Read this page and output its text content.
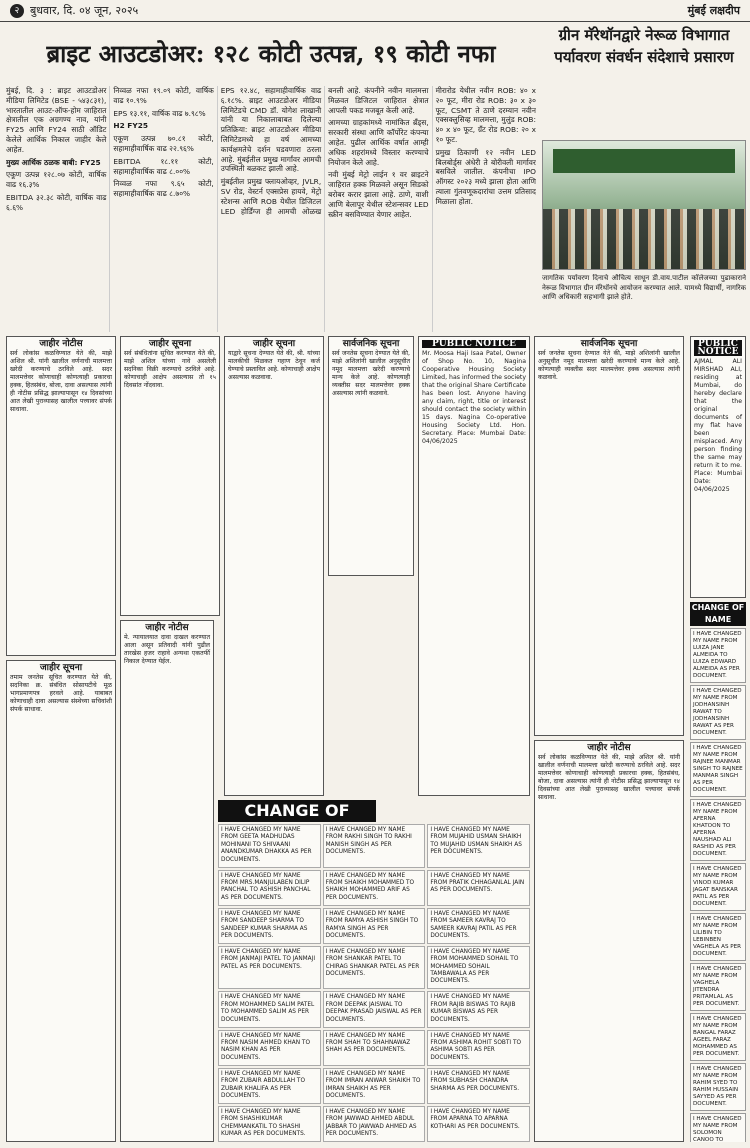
२ बुधवार, दि. ०४ जून, २०२५	मुंबई लक्षदीप
ब्राइट आउटडोअर: १२८ कोटी उत्पन्न, १९ कोटी नफा
ग्रीन मॅरेथॉनद्वारे नेरूळ विभागात पर्यावरण संवर्धन संदेशाचे प्रसारण

मुंबई, दि. ३ : ब्राइट आउटडोअर मीडिया लिमिटेड (BSE - ५४३८३१), भारतातील आउट-ऑफ-होम जाहिरात क्षेत्रातील एक अग्रगण्य नाव, यांनी FY25 आणि FY24 साठी ऑडिट केलेले आर्थिक निकाल जाहीर केले आहेत.

मुख्य आर्थिक ठळक बाबी: FY25

एकूण उत्पन्न १२८.०७ कोटी, वार्षिक वाढ १६.३%

EBITDA ३२.३८ कोटी, वार्षिक वाढ ६.६%

निव्वळ नफा १९.०९ कोटी, वार्षिक वाढ १०.९%

EPS १३.११, वार्षिक वाढ ७.९८%

H2 FY25

एकूण उत्पन्न ७०.८१ कोटी, सहामाहीवार्षिक वाढ २२.९६%

EBITDA १८.११ कोटी, सहामाहीवार्षिक वाढ ८.००%

निव्वळ नफा ९.६५ कोटी, सहामाहीवार्षिक वाढ ८.७०%

EPS १२.४८, सहामाहीवार्षिक वाढ ६.१८%. ब्राइट आउटडोअर मीडिया लिमिटेडचे CMD डॉ. योगेश लाखानी यांनी या निकालाबाबत दिलेल्या प्रतिक्रिया: ब्राइट आउटडोअर मीडिया लिमिटेडमध्ये हा वर्ष आमच्या कार्यक्षमतेचे दर्शन घडवणारा ठरला आहे. मुंबईतील प्रमुख मार्गांवर आमची उपस्थिती बळकट झाली आहे.

मुंबईतील प्रमुख फ्लायओव्हर, JVLR, SV रोड, वेस्टर्न एक्सप्रेस हायवे, मेट्रो स्टेशन्स आणि ROB येथील डिजिटल LED होर्डिंग्ज ही आमची ओळख बनली आहे. कंपनीने नवीन मालमत्ता मिळवत डिजिटल जाहिरात क्षेत्रात आपली पकड मजबूत केली आहे.

आमच्या ग्राहकांमध्ये नामांकित ब्रँड्स, सरकारी संस्था आणि कॉर्पोरेट कंपन्या आहेत. पुढील आर्थिक वर्षात आम्ही अधिक शहरांमध्ये विस्तार करण्याचे नियोजन केले आहे.

नवी मुंबई मेट्रो लाईन १ वर ब्राइटने जाहिरात हक्क मिळवले असून सिडको बरोबर करार झाला आहे. ठाणे, वाशी आणि बेलापूर येथील स्टेशन्सवर LED स्क्रीन बसविण्यात येणार आहेत.

मीरारोड येथील नवीन ROB: ४० x २० फूट, मीरा रोड ROB: ३० x ३० फूट, CSMT ते ठाणे दरम्यान नवीन एक्सक्लुसिव्ह मालमत्ता, मुलुंड ROB: ४० x ४० फूट, ग्रँट रोड ROB: २० x १० फूट.

प्रमुख ठिकाणी १२ नवीन LED बिलबोर्ड्स अंधेरी ते बोरीवली मार्गावर बसविले जातील. कंपनीचा IPO ऑगस्ट २०२३ मध्ये झाला होता आणि त्याला गुंतवणूकदारांचा उत्तम प्रतिसाद मिळाला होता.

जागतिक पर्यावरण दिनाचे औचित्य साधून डी.वाय.पाटील कॉलेजच्या पुढाकाराने नेरूळ विभागात ग्रीन मॅरेथॉनचे आयोजन करण्यात आले. यामध्ये विद्यार्थी, नागरिक आणि अधिकारी सहभागी झाले होते.
जाहीर नोटीस
सर्व लोकांस कळविण्यात येते की, माझे अशिल श्री. यांनी खालील वर्णनाची मालमत्ता खरेदी करण्याचे ठरविले आहे. सदर मालमत्तेवर कोणाचाही कोणत्याही प्रकारचा हक्क, हितसंबंध, बोजा, दावा असल्यास त्यांनी ही नोटीस प्रसिद्ध झाल्यापासून १४ दिवसांच्या आत लेखी पुराव्यासह खालील पत्त्यावर संपर्क साधावा.
जाहीर सूचना
तमाम जनतेस सूचित करण्यात येते की, सदनिका क्र. संबंधित सोसायटीचे मूळ भागप्रमाणपत्र हरवले आहे. याबाबत कोणाचाही दावा असल्यास संस्थेच्या सचिवांशी संपर्क साधावा.
जाहीर सूचना
सर्व संबंधितांना सूचित करण्यात येते की, माझे अशिल यांच्या नावे असलेली सदनिका विक्री करण्याचे ठरविले आहे. कोणाचाही आक्षेप असल्यास तो १५ दिवसांत नोंदवावा.
जाहीर नोटीस
मे. न्यायालयात दावा दाखल करण्यात आला असून प्रतिवादी यांनी पुढील तारखेस हजर राहावे अन्यथा एकतर्फी निकाल देण्यात येईल.
जाहीर सूचना
याद्वारे सूचना देण्यात येते की, श्री. यांच्या मालकीची मिळकत गहाण ठेवून कर्ज घेण्याचे प्रस्तावित आहे. कोणाचाही आक्षेप असल्यास कळवावा.
सार्वजनिक सूचना
सर्व जनतेस सूचना देण्यात येते की, माझे अशिलांनी खालील अनुसूचीत नमूद मालमत्ता खरेदी करण्याचे मान्य केले आहे. कोणत्याही व्यक्तीस सदर मालमत्तेवर हक्क असल्यास त्यांनी कळवावे.
PUBLIC NOTICE
Mr. Moosa Haji Isaa Patel, Owner of Shop No. 10, Nagina Cooperative Housing Society Limited, has informed the society that the original Share Certificate has been lost. Anyone having any claim, right, title or interest should contact the society within 15 days. Nagina Co-operative Housing Society Ltd. Hon. Secretary. Place: Mumbai Date: 04/06/2025
सार्वजनिक सूचना
सर्व जनतेस सूचना देण्यात येते की, माझे अशिलांनी खालील अनुसूचीत नमूद मालमत्ता खरेदी करण्याचे मान्य केले आहे. कोणत्याही व्यक्तीस सदर मालमत्तेवर हक्क असल्यास त्यांनी कळवावे.
PUBLIC NOTICE
AJMAL ALI MIRSHAD ALI, residing at Mumbai, do hereby declare that the original documents of my flat have been misplaced. Any person finding the same may return it to me. Place: Mumbai Date: 04/06/2025
जाहीर नोटीस
सर्व लोकांस कळविण्यात येते की, माझे अशिल श्री. यांनी खालील वर्णनाची मालमत्ता खरेदी करण्याचे ठरविले आहे. सदर मालमत्तेवर कोणाचाही कोणत्याही प्रकारचा हक्क, हितसंबंध, बोजा, दावा असल्यास त्यांनी ही नोटीस प्रसिद्ध झाल्यापासून १४ दिवसांच्या आत लेखी पुराव्यासह खालील पत्त्यावर संपर्क साधावा.
CHANGE OF
I HAVE CHANGED MY NAME FROM GEETA MADHUDAS MOHINANI TO SHIVAANI ANANDKUMAR DHAKKA AS PER DOCUMENTS.
I HAVE CHANGED MY NAME FROM RAKHI SINGH TO RAKHI MANISH SINGH AS PER DOCUMENTS.
I HAVE CHANGED MY NAME FROM MUJAHID USMAN SHAIKH TO MUJAHID USMAN SHAIKH AS PER DOCUMENTS.
I HAVE CHANGED MY NAME FROM MRS.MANJULABEN DILIP PANCHAL TO ASHISH PANCHAL AS PER DOCUMENTS.
I HAVE CHANGED MY NAME FROM SHAIKH MOHAMMED TO SHAIKH MOHAMMED ARIF AS PER DOCUMENTS.
I HAVE CHANGED MY NAME FROM PRATIK CHHAGANLAL JAIN AS PER DOCUMENTS.
I HAVE CHANGED MY NAME FROM SANDEEP SHARMA TO SANDEEP KUMAR SHARMA AS PER DOCUMENTS.
I HAVE CHANGED MY NAME FROM RAMYA ASHISH SINGH TO RAMYA SINGH AS PER DOCUMENTS.
I HAVE CHANGED MY NAME FROM SAMEER KAVRAJ TO SAMEER KAVRAJ PATIL AS PER DOCUMENTS.
I HAVE CHANGED MY NAME FROM JANMAJI PATEL TO JANMAJI PATEL AS PER DOCUMENTS.
I HAVE CHANGED MY NAME FROM SHANKAR PATEL TO CHIRAG SHANKAR PATEL AS PER DOCUMENTS.
I HAVE CHANGED MY NAME FROM MOHAMMED SOHAIL TO MOHAMMED SOHAIL TAMBAWALA AS PER DOCUMENTS.
I HAVE CHANGED MY NAME FROM MOHAMMED SALIM PATEL TO MOHAMMED SALIM AS PER DOCUMENTS.
I HAVE CHANGED MY NAME FROM DEEPAK JAISWAL TO DEEPAK PRASAD JAISWAL AS PER DOCUMENTS.
I HAVE CHANGED MY NAME FROM RAJIB BISWAS TO RAJIB KUMAR BISWAS AS PER DOCUMENTS.
I HAVE CHANGED MY NAME FROM NASIM AHMED KHAN TO NASIM KHAN AS PER DOCUMENTS.
I HAVE CHANGED MY NAME FROM SHAH TO SHAHNAWAZ SHAH AS PER DOCUMENTS.
I HAVE CHANGED MY NAME FROM ASHIMA ROHIT SOBTI TO ASHIMA SOBTI AS PER DOCUMENTS.
I HAVE CHANGED MY NAME FROM ZUBAIR ABDULLAH TO ZUBAIR KHALIFA AS PER DOCUMENTS.
I HAVE CHANGED MY NAME FROM IMRAN ANWAR SHAIKH TO IMRAN SHAIKH AS PER DOCUMENTS.
I HAVE CHANGED MY NAME FROM SUBHASH CHANDRA SHARMA AS PER DOCUMENTS.
I HAVE CHANGED MY NAME FROM SHASHIKUMAR CHEMMANKATIL TO SHASHI KUMAR AS PER DOCUMENTS.
I HAVE CHANGED MY NAME FROM JAWWAD AHMED ABDUL JABBAR TO JAWWAD AHMED AS PER DOCUMENTS.
I HAVE CHANGED MY NAME FROM APARNA TO APARNA KOTHARI AS PER DOCUMENTS.
CHANGE OF NAME
I HAVE CHANGED MY NAME FROM LUIZA JANE ALMEIDA TO LUIZA EDWARD ALMEIDA AS PER DOCUMENT.
I HAVE CHANGED MY NAME FROM JODHANSINH RAWAT TO JODHANSINH RAWAT AS PER DOCUMENT.
I HAVE CHANGED MY NAME FROM RAJNEE MANMAR SINGH TO RAJNEE MANMAR SINGH AS PER DOCUMENT.
I HAVE CHANGED MY NAME FROM AFERNA KHATOON TO AFERNA NAUSHAD ALI RASHID AS PER DOCUMENT.
I HAVE CHANGED MY NAME FROM VINOD KUMAR JAGAT BANSKAR PATIL AS PER DOCUMENT.
I HAVE CHANGED MY NAME FROM LILIBIN TO LEBINBEN VAGHELA AS PER DOCUMENT.
I HAVE CHANGED MY NAME FROM VAGHELA JITENDRA PRITAMLAL AS PER DOCUMENT.
I HAVE CHANGED MY NAME FROM BANGAL FARAZ AGEEL FARAZ MOHAMMED AS PER DOCUMENT.
I HAVE CHANGED MY NAME FROM RAHIM SYED TO RAHIM HUSSAIN SAYYED AS PER DOCUMENT.
I HAVE CHANGED MY NAME FROM SOLOMON CANOO TO
